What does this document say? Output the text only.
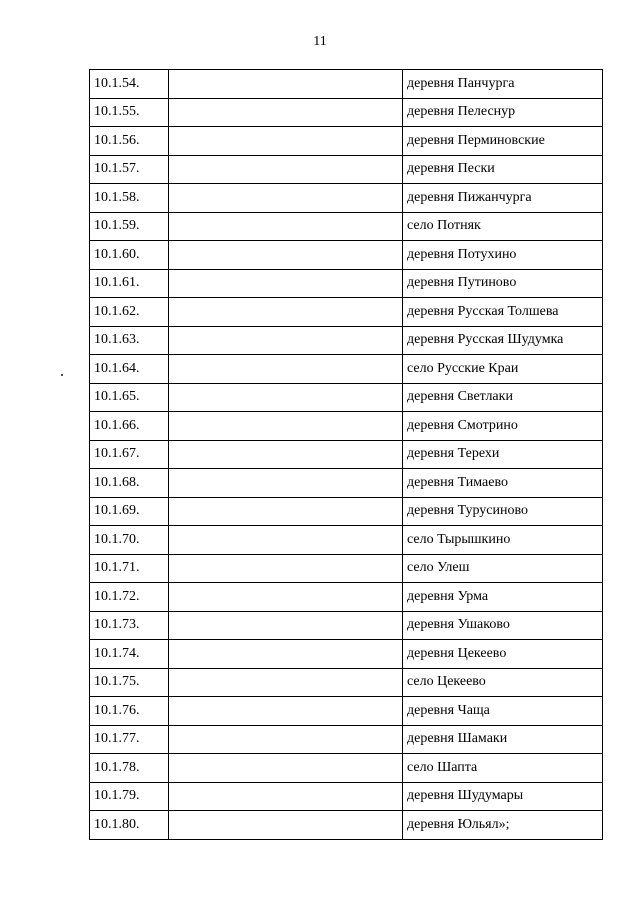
11
10.1.54.		деревня Панчурга
10.1.55.		деревня Пелеснур
10.1.56.		деревня Перминовские
10.1.57.		деревня Пески
10.1.58.		деревня Пижанчурга
10.1.59.		село Потняк
10.1.60.		деревня Потухино
10.1.61.		деревня Путиново
10.1.62.		деревня Русская Толшева
10.1.63.		деревня Русская Шудумка
10.1.64.		село Русские Краи
10.1.65.		деревня Светлаки
10.1.66.		деревня Смотрино
10.1.67.		деревня Терехи
10.1.68.		деревня Тимаево
10.1.69.		деревня Турусиново
10.1.70.		село Тырышкино
10.1.71.		село Улеш
10.1.72.		деревня Урма
10.1.73.		деревня Ушаково
10.1.74.		деревня Цекеево
10.1.75.		село Цекеево
10.1.76.		деревня Чаща
10.1.77.		деревня Шамаки
10.1.78.		село Шапта
10.1.79.		деревня Шудумары
10.1.80.		деревня Юльял»;
